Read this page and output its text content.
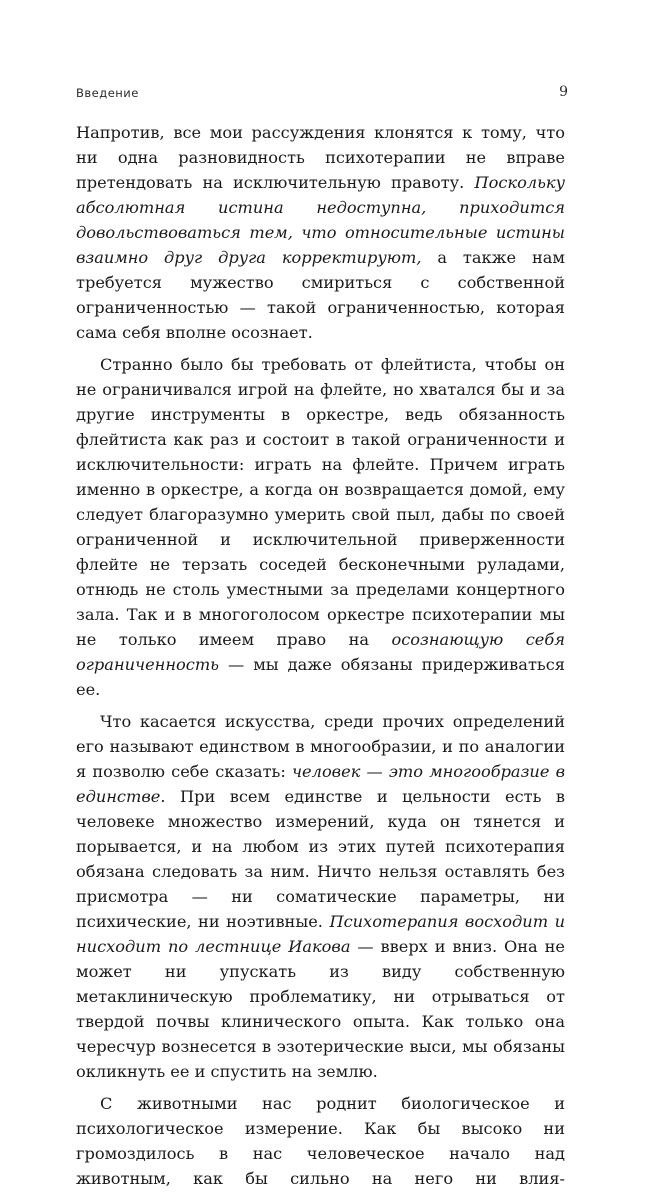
Введение	9

Напротив, все мои рассуждения клонятся к тому, что ни одна разновидность психотерапии не вправе претендовать на исключительную правоту. Поскольку абсолютная истина недоступна, приходится довольствоваться тем, что относительные истины взаимно друг друга корректируют, а также нам требуется мужество смириться с собственной ограниченностью — такой ограниченностью, которая сама себя вполне осознает.

Странно было бы требовать от флейтиста, чтобы он не ограничивался игрой на флейте, но хватался бы и за другие инструменты в оркестре, ведь обязанность флейтиста как раз и состоит в такой ограниченности и исключительности: играть на флейте. Причем играть именно в оркестре, а когда он возвращается домой, ему следует благоразумно умерить свой пыл, дабы по своей ограниченной и исключительной приверженности флейте не терзать соседей бесконечными руладами, отнюдь не столь уместными за пределами концертного зала. Так и в многоголосом оркестре психотерапии мы не только имеем право на осознающую себя ограниченность — мы даже обязаны придерживаться ее.

Что касается искусства, среди прочих определений его называют единством в многообразии, и по аналогии я позволю себе сказать: человек — это многообразие в единстве. При всем единстве и цельности есть в человеке множество измерений, куда он тянется и порывается, и на любом из этих путей психотерапия обязана следовать за ним. Ничто нельзя оставлять без присмотра — ни соматические параметры, ни психические, ни ноэтивные. Психотерапия восходит и нисходит по лестнице Иакова — вверх и вниз. Она не может ни упускать из виду собственную метаклиническую проблематику, ни отрываться от твердой почвы клинического опыта. Как только она чересчур вознесется в эзотерические выси, мы обязаны окликнуть ее и спустить на землю.

С животными нас роднит биологическое и психологическое измерение. Как бы высоко ни громоздилось в нас человеческое начало над животным, как бы сильно на него ни влия-
